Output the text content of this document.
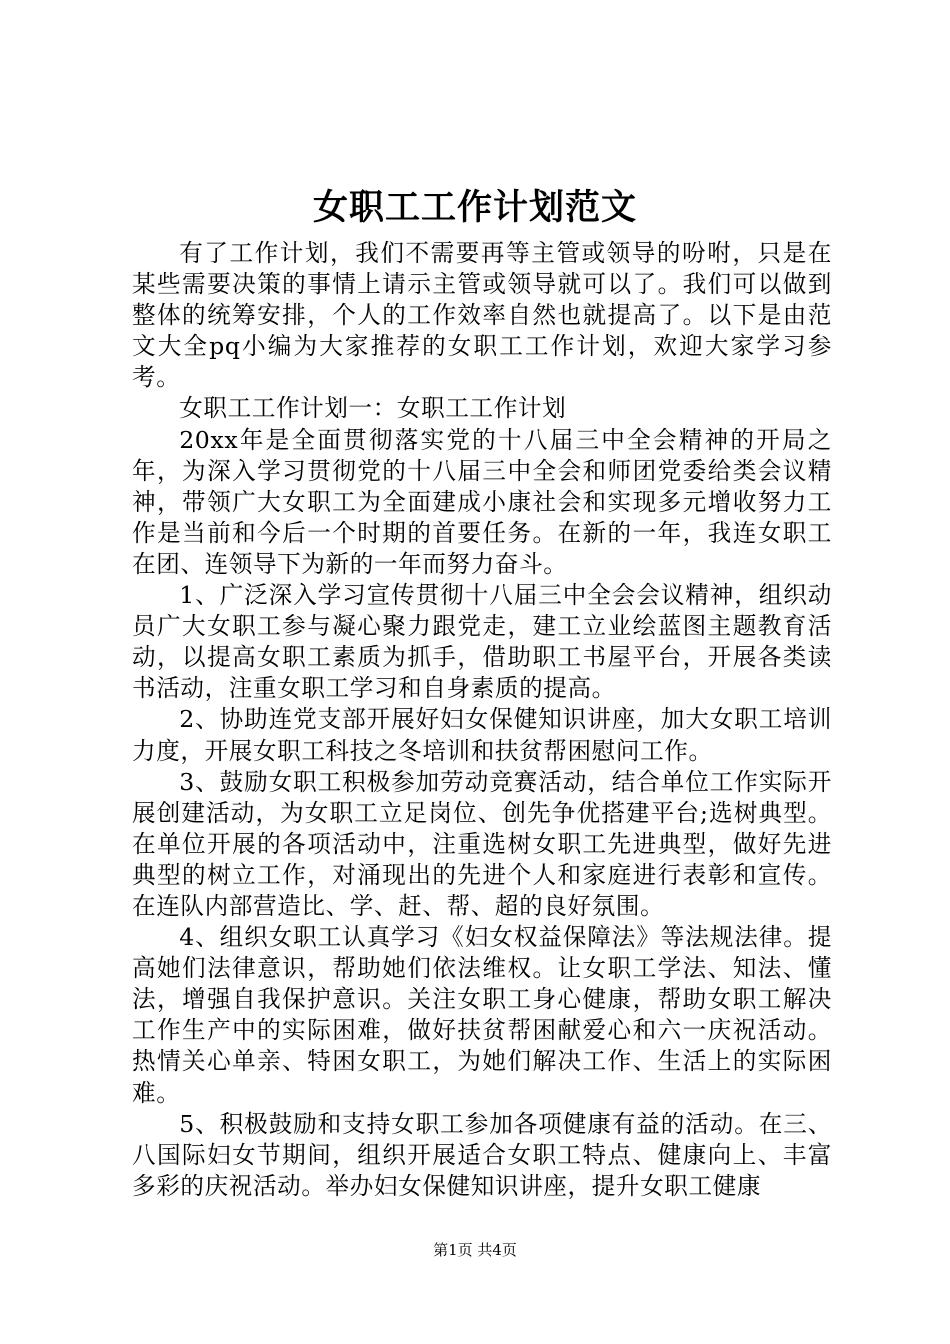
女职工工作计划范文

有了工作计划，我们不需要再等主管或领导的吩咐，只是在某些需要决策的事情上请示主管或领导就可以了。我们可以做到整体的统筹安排，个人的工作效率自然也就提高了。以下是由范文大全pq小编为大家推荐的女职工工作计划，欢迎大家学习参考。

女职工工作计划一：女职工工作计划

20xx年是全面贯彻落实党的十八届三中全会精神的开局之年，为深入学习贯彻党的十八届三中全会和师团党委给类会议精神，带领广大女职工为全面建成小康社会和实现多元增收努力工作是当前和今后一个时期的首要任务。在新的一年，我连女职工在团、连领导下为新的一年而努力奋斗。

1、广泛深入学习宣传贯彻十八届三中全会会议精神，组织动员广大女职工参与凝心聚力跟党走，建工立业绘蓝图主题教育活动，以提高女职工素质为抓手，借助职工书屋平台，开展各类读书活动，注重女职工学习和自身素质的提高。

2、协助连党支部开展好妇女保健知识讲座，加大女职工培训力度，开展女职工科技之冬培训和扶贫帮困慰问工作。

3、鼓励女职工积极参加劳动竞赛活动，结合单位工作实际开展创建活动，为女职工立足岗位、创先争优搭建平台;选树典型。在单位开展的各项活动中，注重选树女职工先进典型，做好先进典型的树立工作，对涌现出的先进个人和家庭进行表彰和宣传。在连队内部营造比、学、赶、帮、超的良好氛围。

4、组织女职工认真学习《妇女权益保障法》等法规法律。提高她们法律意识，帮助她们依法维权。让女职工学法、知法、懂法，增强自我保护意识。关注女职工身心健康，帮助女职工解决工作生产中的实际困难，做好扶贫帮困献爱心和六一庆祝活动。热情关心单亲、特困女职工，为她们解决工作、生活上的实际困难。

5、积极鼓励和支持女职工参加各项健康有益的活动。在三、八国际妇女节期间，组织开展适合女职工特点、健康向上、丰富多彩的庆祝活动。举办妇女保健知识讲座，提升女职工健康

第1页 共4页
